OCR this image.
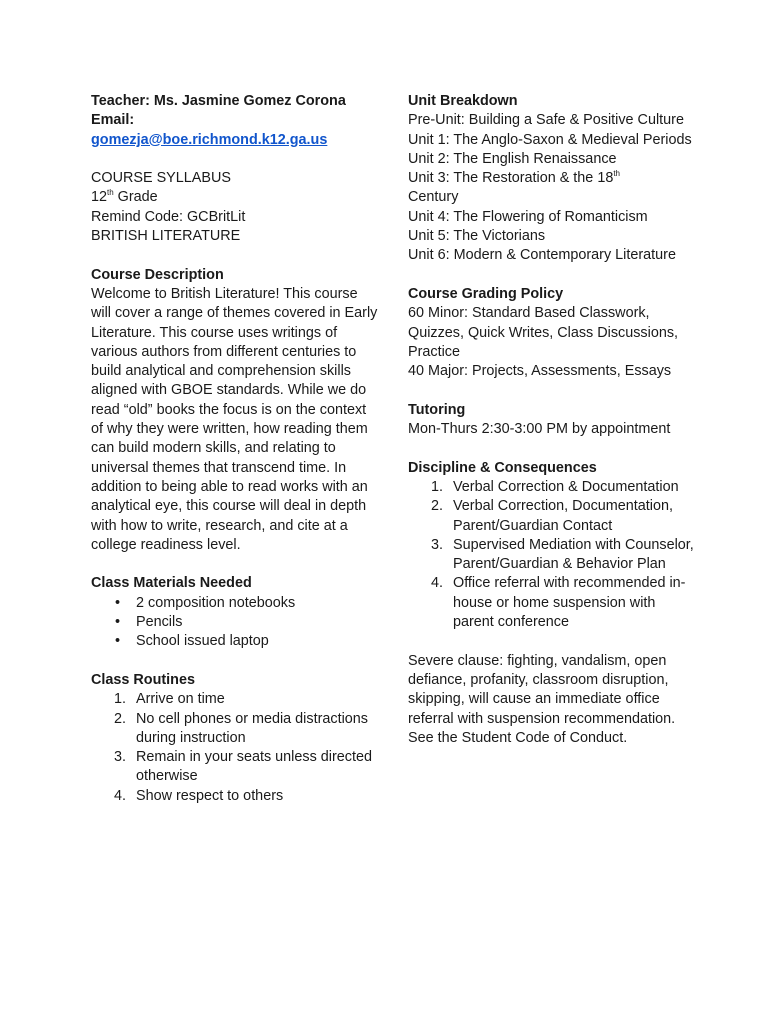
Teacher: Ms. Jasmine Gomez Corona
Email:
gomezja@boe.richmond.k12.ga.us
COURSE SYLLABUS
12th Grade
Remind Code: GCBritLit
BRITISH LITERATURE
Course Description

Welcome to British Literature! This course will cover a range of themes covered in Early Literature. This course uses writings of various authors from different centuries to build analytical and comprehension skills aligned with GBOE standards. While we do read “old” books the focus is on the context of why they were written, how reading them can build modern skills, and relating to universal themes that transcend time. In addition to being able to read works with an analytical eye, this course will deal in depth with how to write, research, and cite at a college readiness level.

Class Materials Needed
• 2 composition notebooks
• Pencils
• School issued laptop
Class Routines
1. Arrive on time
2. No cell phones or media distractions during instruction
3. Remain in your seats unless directed otherwise
4. Show respect to others
Unit Breakdown
Pre-Unit: Building a Safe & Positive Culture
Unit 1: The Anglo-Saxon & Medieval Periods
Unit 2: The English Renaissance
Unit 3: The Restoration & the 18th
Century
Unit 4: The Flowering of Romanticism
Unit 5: The Victorians
Unit 6: Modern & Contemporary Literature
Course Grading Policy

60 Minor: Standard Based Classwork, Quizzes, Quick Writes, Class Discussions, Practice

40 Major: Projects, Assessments, Essays

Tutoring

Mon-Thurs 2:30-3:00 PM by appointment

Discipline & Consequences
1. Verbal Correction & Documentation
2. Verbal Correction, Documentation, Parent/Guardian Contact
3. Supervised Mediation with Counselor, Parent/Guardian & Behavior Plan
4. Office referral with recommended in-house or home suspension with parent conference

Severe clause: fighting, vandalism, open defiance, profanity, classroom disruption, skipping, will cause an immediate office referral with suspension recommendation. See the Student Code of Conduct.
